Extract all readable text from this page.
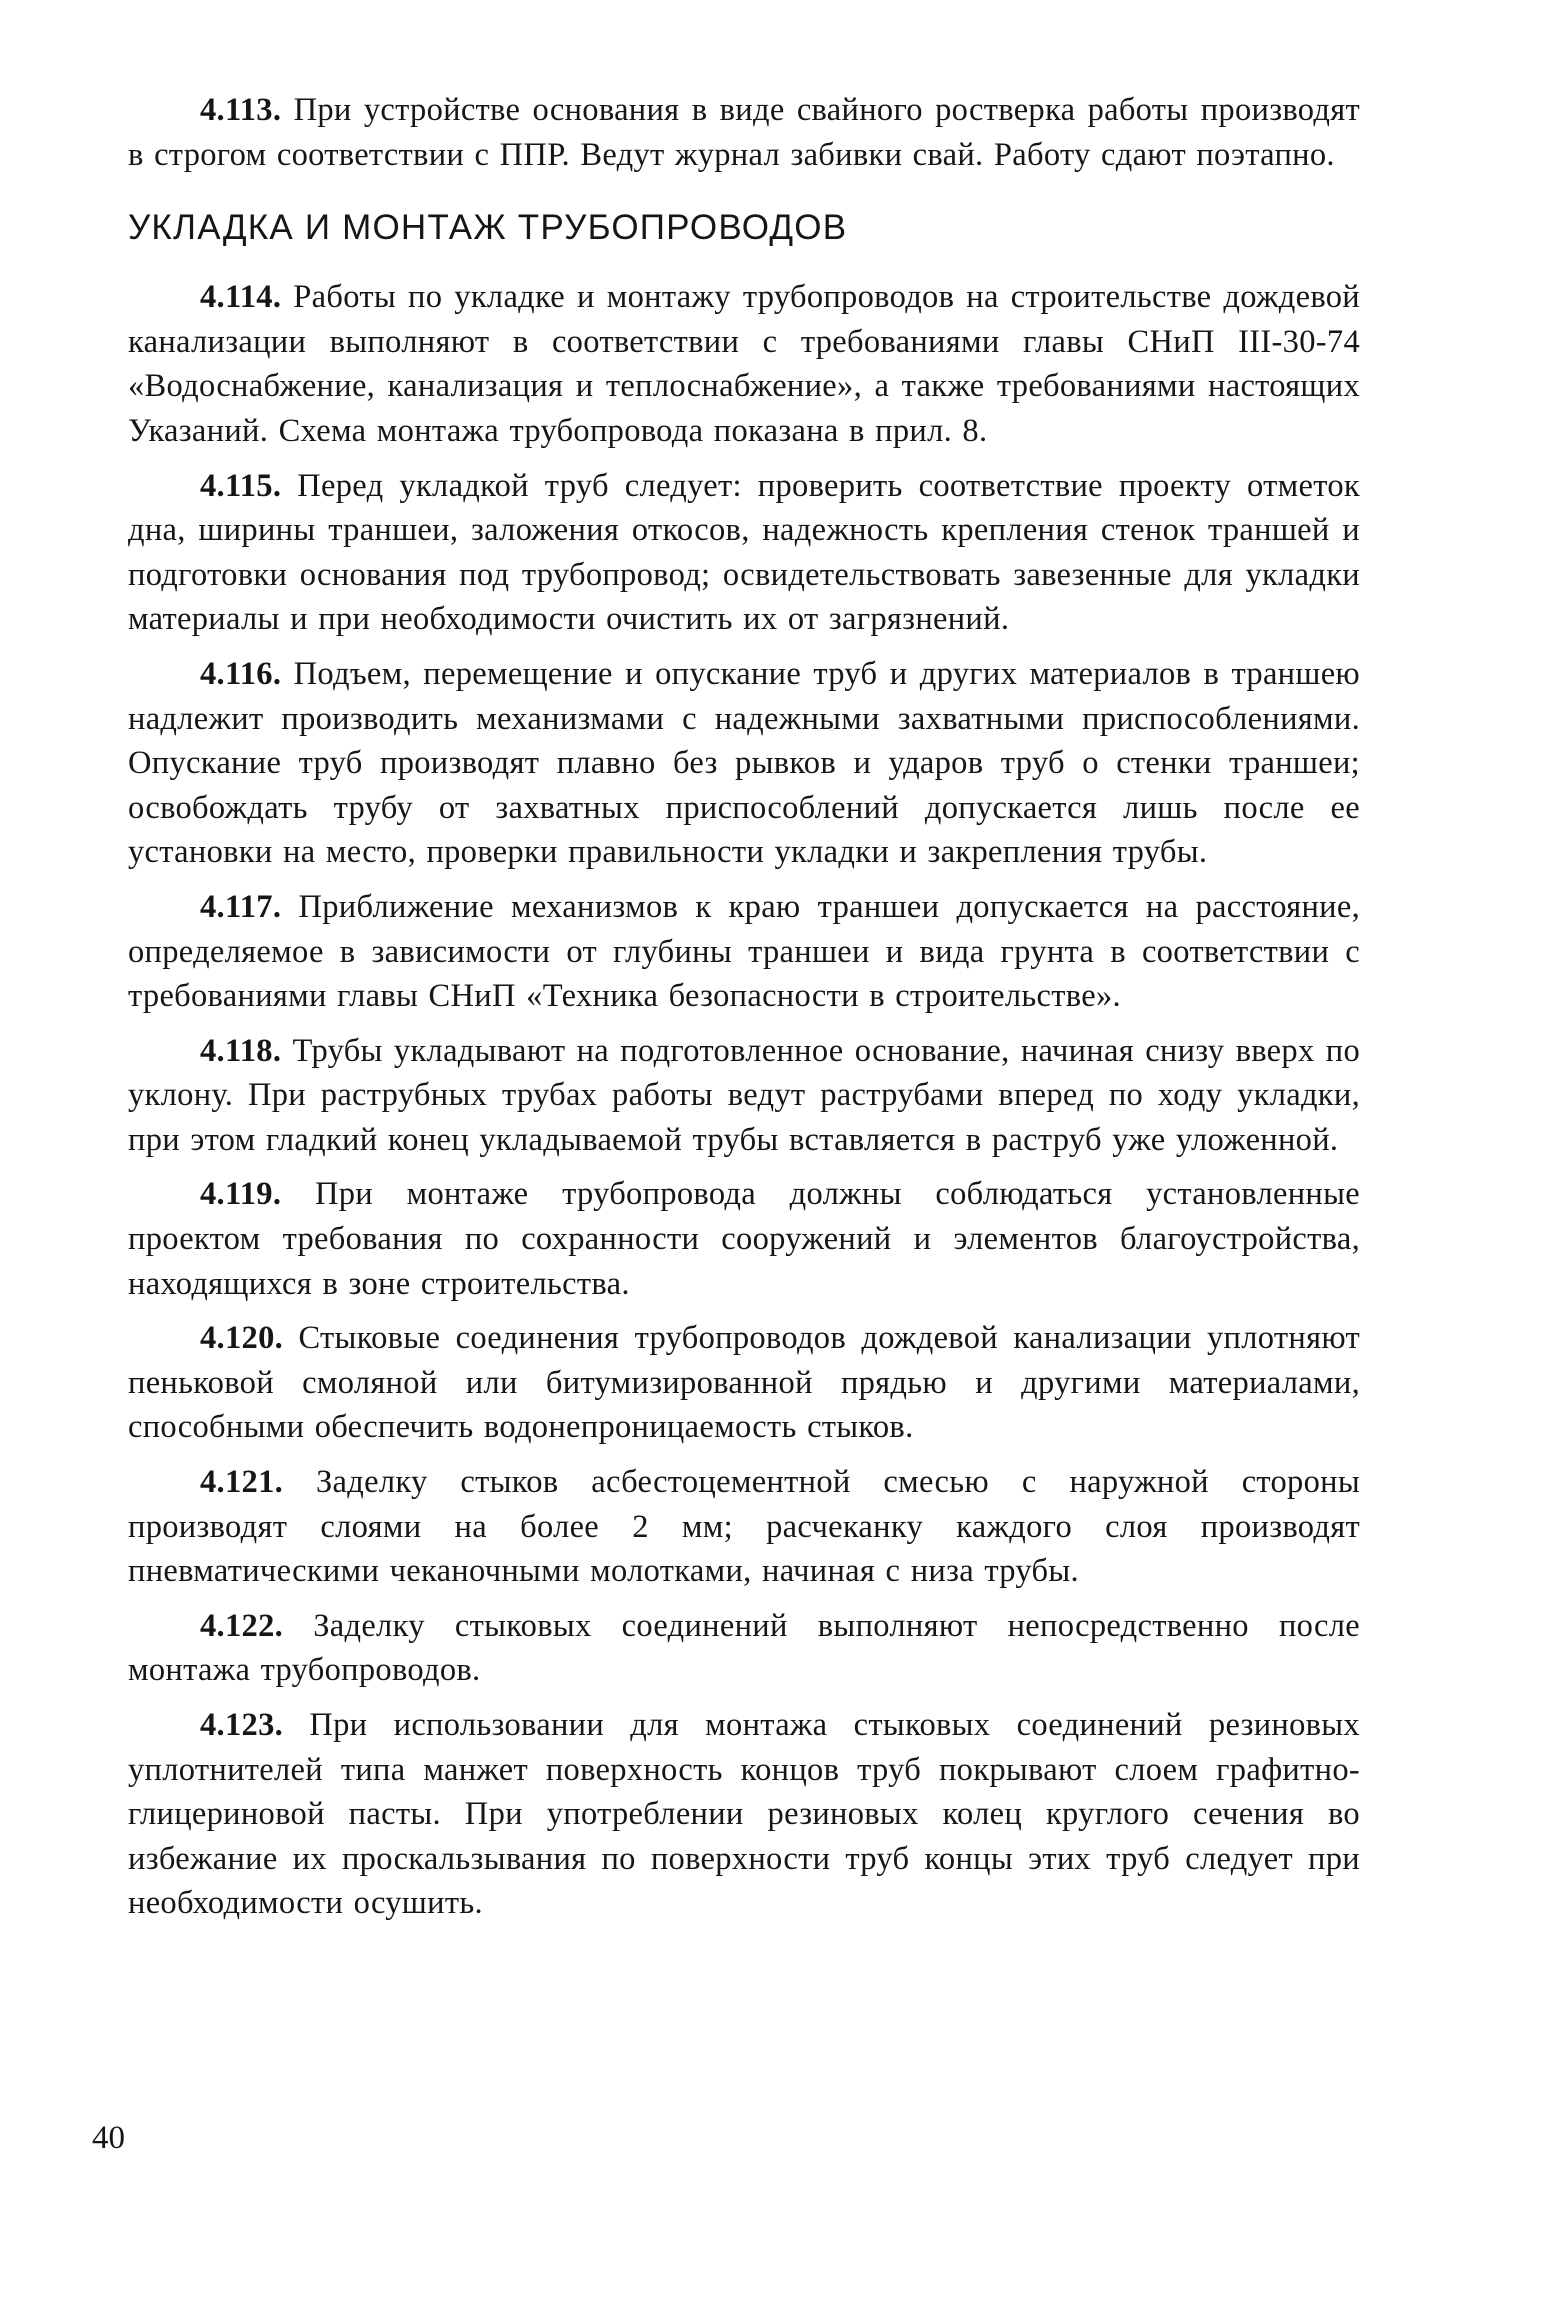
4.113. При устройстве основания в виде свайного ростверка работы производят в строгом соответствии с ППР. Ведут журнал забивки свай. Работу сдают поэтапно.

УКЛАДКА И МОНТАЖ ТРУБОПРОВОДОВ

4.114. Работы по укладке и монтажу трубопроводов на строительстве дождевой канализации выполняют в соответствии с требованиями главы СНиП III-30-74 «Водоснабжение, канализация и теплоснабжение», а также требованиями настоящих Указаний. Схема монтажа трубопровода показана в прил. 8.

4.115. Перед укладкой труб следует: проверить соответствие проекту отметок дна, ширины траншеи, заложения откосов, надежность крепления стенок траншей и подготовки основания под трубопровод; освидетельствовать завезенные для укладки материалы и при необходимости очистить их от загрязнений.

4.116. Подъем, перемещение и опускание труб и других материалов в траншею надлежит производить механизмами с надежными захватными приспособлениями. Опускание труб производят плавно без рывков и ударов труб о стенки траншеи; освобождать трубу от захватных приспособлений допускается лишь после ее установки на место, проверки правильности укладки и закрепления трубы.

4.117. Приближение механизмов к краю траншеи допускается на расстояние, определяемое в зависимости от глубины траншеи и вида грунта в соответствии с требованиями главы СНиП «Техника безопасности в строительстве».

4.118. Трубы укладывают на подготовленное основание, начиная снизу вверх по уклону. При раструбных трубах работы ведут раструбами вперед по ходу укладки, при этом гладкий конец укладываемой трубы вставляется в раструб уже уложенной.

4.119. При монтаже трубопровода должны соблюдаться установленные проектом требования по сохранности сооружений и элементов благоустройства, находящихся в зоне строительства.

4.120. Стыковые соединения трубопроводов дождевой канализации уплотняют пеньковой смоляной или битумизированной прядью и другими материалами, способными обеспечить водонепроницаемость стыков.

4.121. Заделку стыков асбестоцементной смесью с наружной стороны производят слоями на более 2 мм; расчеканку каждого слоя производят пневматическими чеканочными молотками, начиная с низа трубы.

4.122. Заделку стыковых соединений выполняют непосредственно после монтажа трубопроводов.

4.123. При использовании для монтажа стыковых соединений резиновых уплотнителей типа манжет поверхность концов труб покрывают слоем графитно-глицериновой пасты. При употреблении резиновых колец круглого сечения во избежание их проскальзывания по поверхности труб концы этих труб следует при необходимости осушить.

40
